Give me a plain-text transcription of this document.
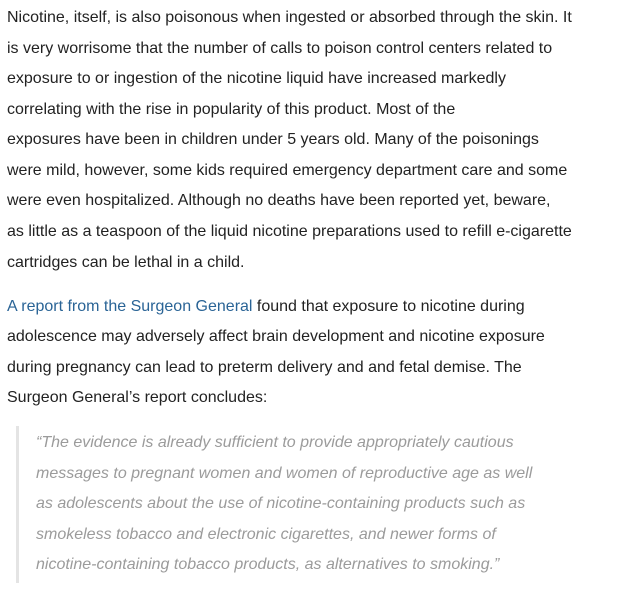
Nicotine, itself, is also poisonous when ingested or absorbed through the skin. It
is very worrisome that the number of calls to poison control centers related to
exposure to or ingestion of the nicotine liquid have increased markedly
correlating with the rise in popularity of this product. Most of the
exposures have been in children under 5 years old. Many of the poisonings
were mild, however, some kids required emergency department care and some
were even hospitalized. Although no deaths have been reported yet, beware,
as little as a teaspoon of the liquid nicotine preparations used to refill e-cigarette
cartridges can be lethal in a child.
A report from the Surgeon General found that exposure to nicotine during
adolescence may adversely affect brain development and nicotine exposure
during pregnancy can lead to preterm delivery and and fetal demise. The
Surgeon General’s report concludes:
“The evidence is already sufficient to provide appropriately cautious
messages to pregnant women and women of reproductive age as well
as adolescents about the use of nicotine-containing products such as
smokeless tobacco and electronic cigarettes, and newer forms of
nicotine-containing tobacco products, as alternatives to smoking.”
